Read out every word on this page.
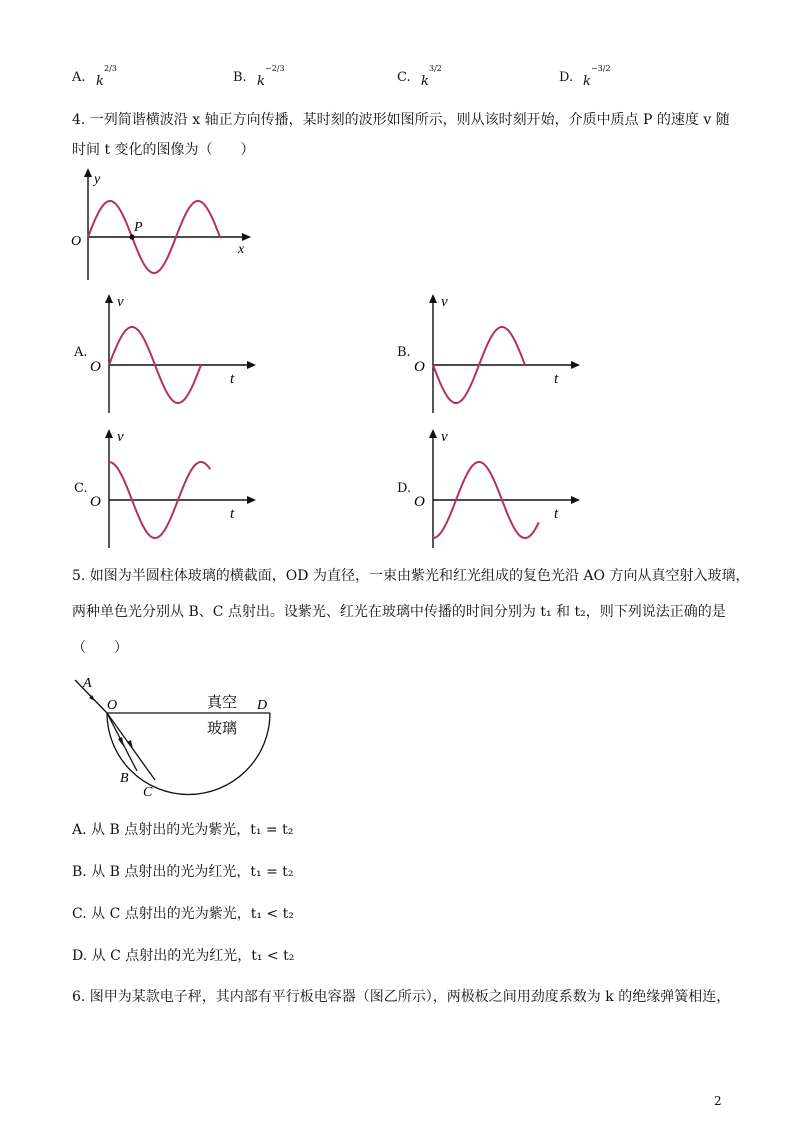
A. k
2/3
B. k
−2/3
C. k
3/2
D. k
−3/2
4. 一列简谐横波沿 x 轴正方向传播，某时刻的波形如图所示，则从该时刻开始，介质中质点 P 的速度 v 随
时间 t 变化的图像为（　　）
y
O
P
x
A.
v
O
t
B.
v
O
t
C.
v
O
t
D.
v
O
t
5. 如图为半圆柱体玻璃的横截面，OD 为直径，一束由紫光和红光组成的复色光沿 AO 方向从真空射入玻璃，
两种单色光分别从 B、C 点射出。设紫光、红光在玻璃中传播的时间分别为 t₁ 和 t₂，则下列说法正确的是
（　　）
A
O	D
B
C
真空
玻璃
A. 从 B 点射出的光为紫光，t₁ = t₂
B. 从 B 点射出的光为红光，t₁ = t₂
C. 从 C 点射出的光为紫光，t₁ < t₂
D. 从 C 点射出的光为红光，t₁ < t₂
6. 图甲为某款电子秤，其内部有平行板电容器（图乙所示），两极板之间用劲度系数为 k 的绝缘弹簧相连，
2
